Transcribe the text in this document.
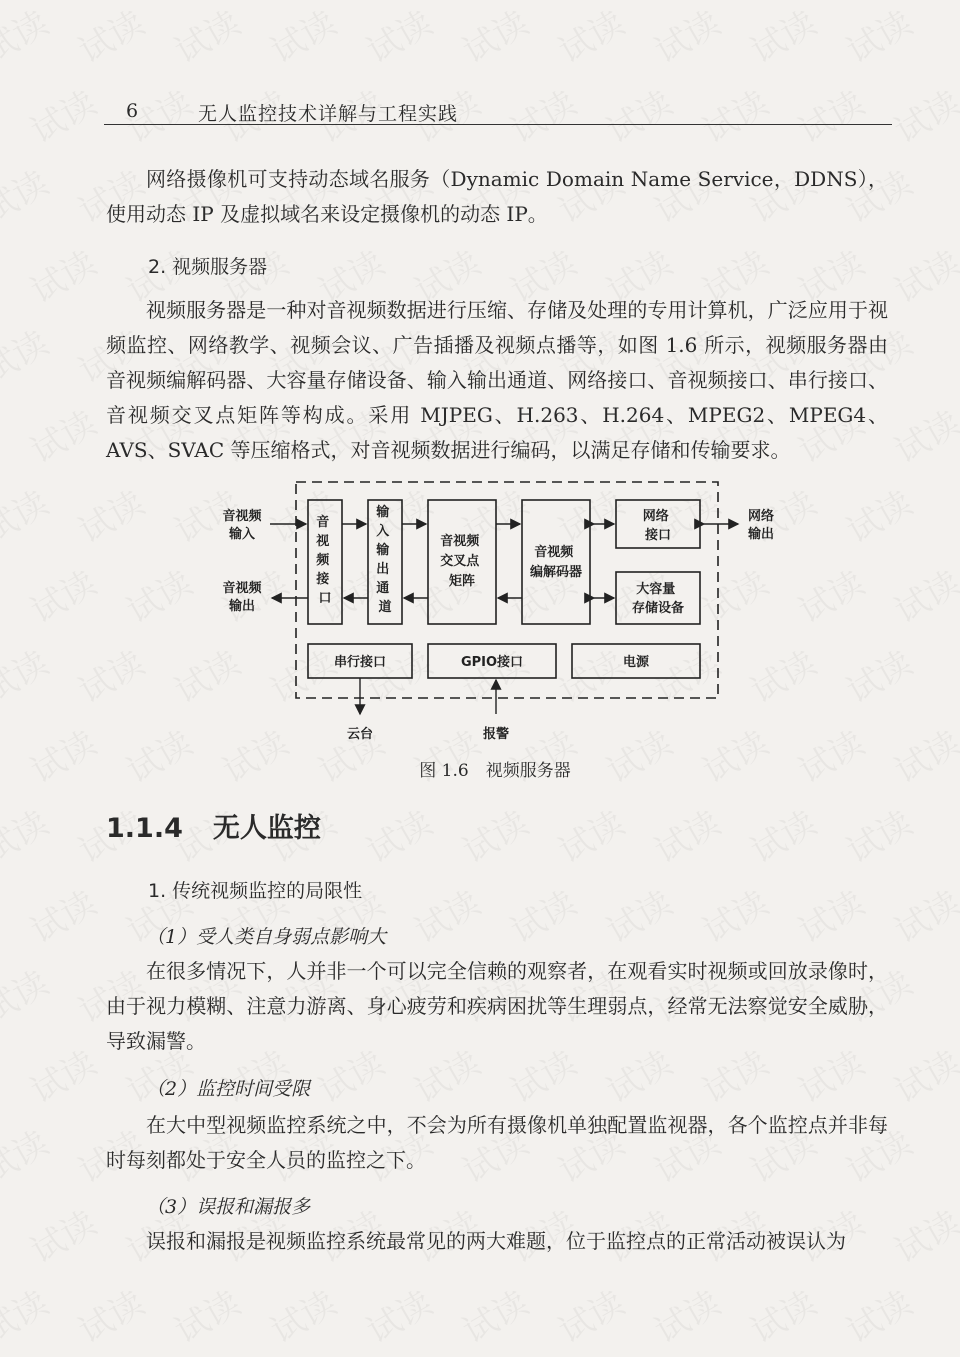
6	无人监控技术详解与工程实践

网络摄像机可支持动态域名服务（Dynamic Domain Name Service，DDNS），使用动态 IP 及虚拟域名来设定摄像机的动态 IP。

2. 视频服务器

视频服务器是一种对音视频数据进行压缩、存储及处理的专用计算机，广泛应用于视频监控、网络教学、视频会议、广告插播及视频点播等，如图 1.6 所示，视频服务器由音视频编解码器、大容量存储设备、输入输出通道、网络接口、音视频接口、串行接口、音视频交叉点矩阵等构成。采用 MJPEG、H.263、H.264、MPEG2、MPEG4、AVS、SVAC 等压缩格式，对音视频数据进行编码，以满足存储和传输要求。

音视频输入
音视频输出
网络输出
音 视 频 接 口
输 入 输 出 通 道
音视频 交叉点 矩阵
音视频 编解码器
网络 接口
大容量 存储设备
串行接口	GPIO接口	电源
云台	报警
图 1.6　视频服务器
1.1.4 无人监控

1. 传统视频监控的局限性

（1）受人类自身弱点影响大

在很多情况下，人并非一个可以完全信赖的观察者，在观看实时视频或回放录像时，由于视力模糊、注意力游离、身心疲劳和疾病困扰等生理弱点，经常无法察觉安全威胁，导致漏警。

（2）监控时间受限

在大中型视频监控系统之中，不会为所有摄像机单独配置监视器，各个监控点并非每时每刻都处于安全人员的监控之下。

（3）误报和漏报多

误报和漏报是视频监控系统最常见的两大难题，位于监控点的正常活动被误认为
